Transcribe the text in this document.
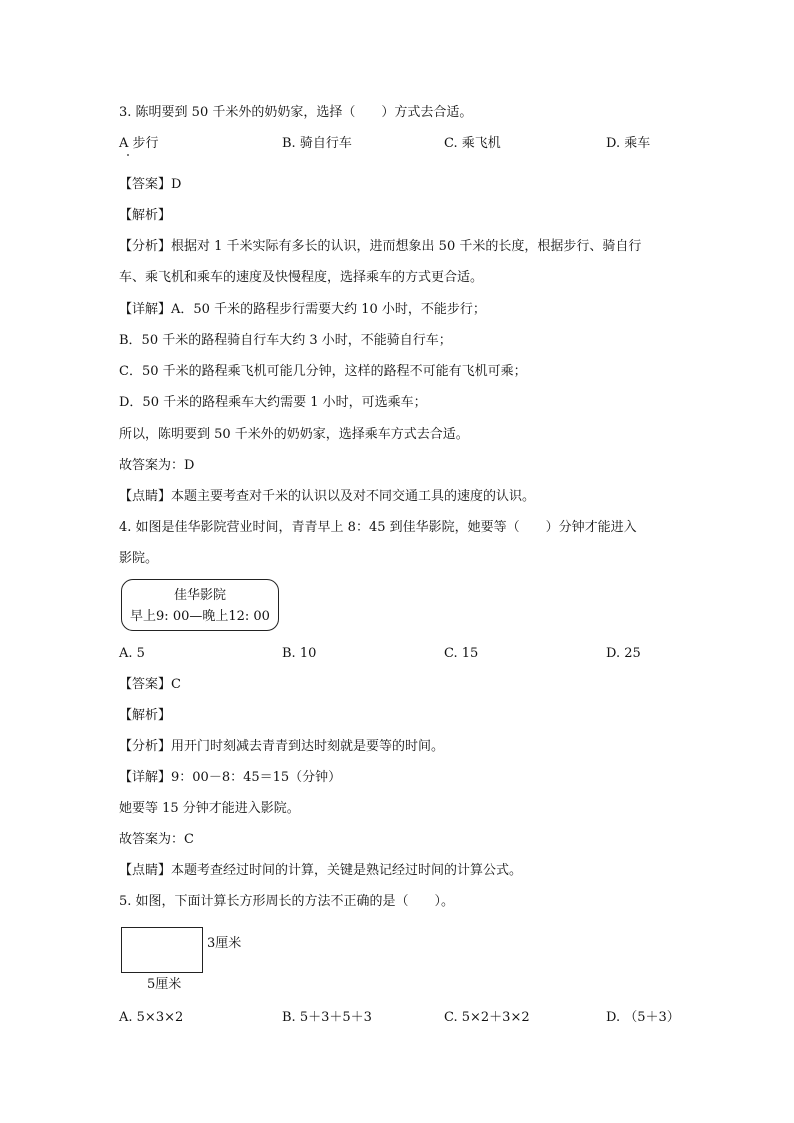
3. 陈明要到 50 千米外的奶奶家，选择（　　）方式去合适。
A 步行	B. 骑自行车	C. 乘飞机	D. 乘车
【答案】D
【解析】
【分析】根据对 1 千米实际有多长的认识，进而想象出 50 千米的长度，根据步行、骑自行
车、乘飞机和乘车的速度及快慢程度，选择乘车的方式更合适。
【详解】A．50 千米的路程步行需要大约 10 小时，不能步行；
B．50 千米的路程骑自行车大约 3 小时，不能骑自行车；
C．50 千米的路程乘飞机可能几分钟，这样的路程不可能有飞机可乘；
D．50 千米的路程乘车大约需要 1 小时，可选乘车；
所以，陈明要到 50 千米外的奶奶家，选择乘车方式去合适。
故答案为：D
【点睛】本题主要考查对千米的认识以及对不同交通工具的速度的认识。
4. 如图是佳华影院营业时间，青青早上 8：45 到佳华影院，她要等（　　）分钟才能进入
影院。
佳华影院
早上9: 00—晚上12: 00
A. 5	B. 10	C. 15	D. 25
【答案】C
【解析】
【分析】用开门时刻减去青青到达时刻就是要等的时间。
【详解】9：00－8：45＝15（分钟）
她要等 15 分钟才能进入影院。
故答案为：C
【点睛】本题考查经过时间的计算，关键是熟记经过时间的计算公式。
5. 如图，下面计算长方形周长的方法不正确的是（　　）。
3厘米
5厘米
A. 5×3×2	B. 5＋3＋5＋3	C. 5×2＋3×2	D. （5＋3）
